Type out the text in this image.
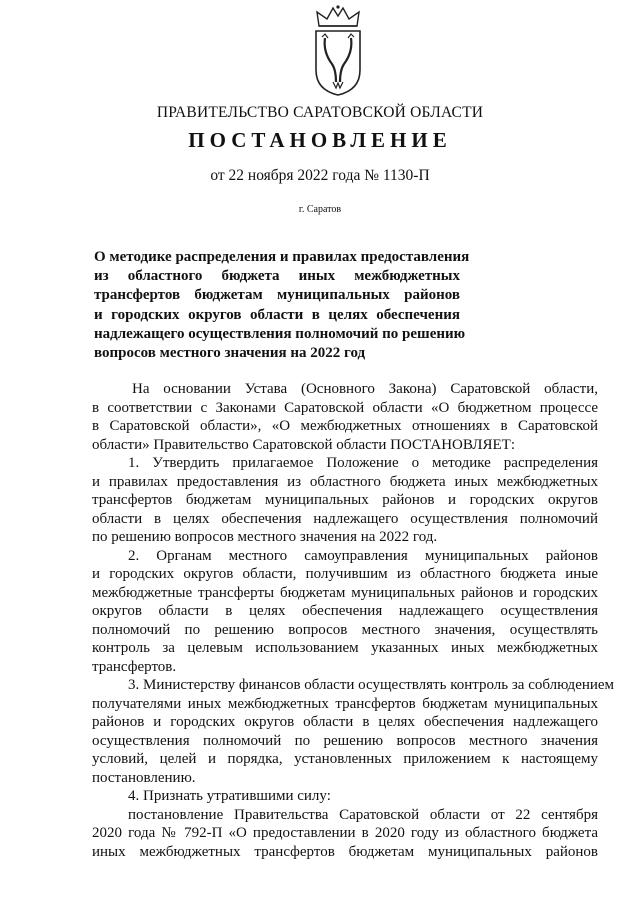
ПРАВИТЕЛЬСТВО САРАТОВСКОЙ ОБЛАСТИ
ПОСТАНОВЛЕНИЕ
от 22 ноября 2022 года № 1130-П
г. Саратов
О методике распределения и правилах предоставления
из областного бюджета иных межбюджетных
трансфертов бюджетам муниципальных районов
и городских округов области в целях обеспечения
надлежащего осуществления полномочий по решению
вопросов местного значения на 2022 год
На основании Устава (Основного Закона) Саратовской области,
в соответствии с Законами Саратовской области «О бюджетном процессе
в Саратовской области», «О межбюджетных отношениях в Саратовской
области» Правительство Саратовской области ПОСТАНОВЛЯЕТ:
1. Утвердить прилагаемое Положение о методике распределения
и правилах предоставления из областного бюджета иных межбюджетных
трансфертов бюджетам муниципальных районов и городских округов
области в целях обеспечения надлежащего осуществления полномочий
по решению вопросов местного значения на 2022 год.
2. Органам местного самоуправления муниципальных районов
и городских округов области, получившим из областного бюджета иные
межбюджетные трансферты бюджетам муниципальных районов и городских
округов области в целях обеспечения надлежащего осуществления
полномочий по решению вопросов местного значения, осуществлять
контроль за целевым использованием указанных иных межбюджетных
трансфертов.
3. Министерству финансов области осуществлять контроль за соблюдением
получателями иных межбюджетных трансфертов бюджетам муниципальных
районов и городских округов области в целях обеспечения надлежащего
осуществления полномочий по решению вопросов местного значения
условий, целей и порядка, установленных приложением к настоящему
постановлению.
4. Признать утратившими силу:
постановление Правительства Саратовской области от 22 сентября
2020 года № 792-П «О предоставлении в 2020 году из областного бюджета
иных межбюджетных трансфертов бюджетам муниципальных районов
